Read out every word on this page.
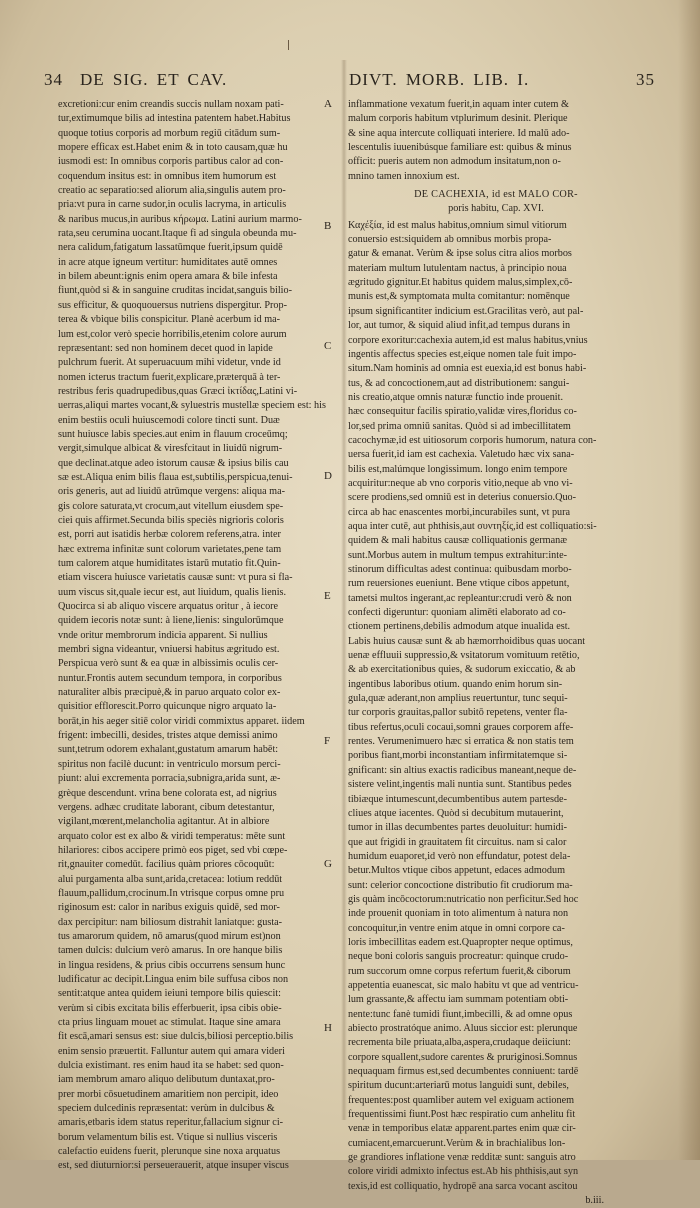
34 DE SIG. ET CAV.	DIVT. MORB. LIB. I.	35
excretioni:cur enim creandis succis nullam noxam pati-
tur,extimumque bilis ad intestina patentem habet.Habitus
quoque totius corporis ad morbum regiū citādum sum-
mopere efficax est.Habet enim & in toto causam,quæ hu
iusmodi est: In omnibus corporis partibus calor ad con-
coquendum insitus est: in omnibus item humorum est
creatio ac separatio:sed aliorum alia,singulis autem pro-
pria:vt pura in carne sudor,in oculis lacryma, in articulis
& naribus mucus,in auribus κήρωμα. Latini aurium marmo-
rata,seu cerumina uocant.Itaque fi ad singula obeunda mu-
nera calidum,fatigatum lassatūmque fuerit,ipsum quidē
in acre atque igneum vertitur: humiditates autē omnes
in bilem abeunt:ignis enim opera amara & bile infesta
fiunt,quòd si & in sanguine cruditas incidat,sanguis bilio-
sus efficitur, & quoquouersus nutriens dispergitur. Prop-
terea & vbique bilis conspicitur. Planè acerbum id ma-
lum est,color verò specie horribilis,etenim colore aurum
repræsentant: sed non hominem decet quod in lapide
pulchrum fuerit. At superuacuum mihi videtur, vnde id
nomen icterus tractum fuerit,explicare,præterquā à ter-
restribus feris quadrupedibus,quas Græci ἰκτίδας,Latini vi-
uerras,aliqui martes vocant,& syluestris mustellæ speciem est: his
enim bestiis oculi huiuscemodi colore tincti sunt. Duæ
sunt huiusce labis species.aut enim in flauum croceūmq;
vergit,simulque albicat & viresfcitaut in liuidū nigrum-
que declinat.atque adeo istorum causæ & ipsius bilis cau
sæ est.Aliqua enim bilis flaua est,subtilis,perspicua,tenui-
oris generis, aut ad liuidū atrūmque vergens: aliqua ma-
gis colore saturata,vt crocum,aut vitellum eiusdem spe-
ciei quis affirmet.Secunda bilis speciès nigrioris coloris
est, porri aut isatidis herbæ colorem referens,atra. inter
hæc extrema infinitæ sunt colorum varietates,pene tam
tum calorem atque humiditates istarū mutatio fit.Quin-
etiam viscera huiusce varietatis causæ sunt: vt pura si fla-
uum viscus sit,quale iecur est, aut liuidum, qualis lienis.
Quocirca si ab aliquo viscere arquatus oritur , à iecore
quidem iecoris notæ sunt: à liene,lienis: singulorūmque
vnde oritur membrorum indicia apparent. Si nullius
membri signa videantur, vniuersi habitus ægritudo est.
Perspicua verò sunt & ea quæ in albissimis oculis cer-
nuntur.Frontis autem secundum tempora, in corporibus
naturaliter albis præcipuè,& in paruo arquato color ex-
quisitior efflorescit.Porro quicunque nigro arquato la-
borāt,in his aeger sitiē color viridi commixtus apparet. iidem
frigent: imbecilli, desides, tristes atque demissi animo
sunt,tetrum odorem exhalant,gustatum amarum habēt:
spiritus non facilè ducunt: in ventriculo morsum perci-
piunt: alui excrementa porracia,subnigra,arida sunt, æ-
grèque descendunt. vrina bene colorata est, ad nigrius
vergens. adhæc cruditate laborant, cibum detestantur,
vigilant,mœrent,melancholia agitantur. At in albiore
arquato color est ex albo & viridi temperatus: mēte sunt
hilariores: cibos accipere primò eos piget, sed vbi cœpe-
rit,gnauiter comedūt. facilius quàm priores cōcoquūt:
alui purgamenta alba sunt,arida,cretacea: lotium reddūt
flauum,pallidum,crocinum.In vtrisque corpus omne pru
riginosum est: calor in naribus exiguis quidē, sed mor-
dax percipitur: nam biliosum distrahit laniatque: gusta-
tus amarorum quidem, nō amarus(quod mirum est)non
tamen dulcis: dulcium verò amarus. In ore hanque bilis
in lingua residens, & prius cibis occurrens sensum hunc
ludificatur ac decipit.Lingua enim bile suffusa cibos non
sentit:atque antea quidem ieiuni tempore bilis quiescit:
verùm si cibis excitata bilis efferbuerit, ipsa cibis obie-
cta prius linguam mouet ac stimulat. Itaque sine amara
fit escā,amari sensus est: siue dulcis,biliosi perceptio.bilis
enim sensio præuertit. Falluntur autem qui amara videri
dulcia existimant. res enim haud ita se habet: sed quon-
iam membrum amaro aliquo delibutum duntaxat,pro-
prer morbi cōsuetudinem amaritiem non percipit, ideo
speciem dulcedinis repræsentat: verùm in dulcibus &
amaris,etbaris idem status reperitur,fallacium signur ci-
borum velamentum bilis est. Vtique si nullius visceris
calefactio euidens fuerit, plerunque sine noxa arquatus
est, sed diuturnior:si perseuerauerit, atque insuper viscus
inflammatione vexatum fuerit,in aquam inter cutem &
malum corporis habitum vtplurimum desinit. Plerique
& sine aqua intercute colliquati interiere. Id malū ado-
lescentulis iuuenibúsque familiare est: quibus & minus
officit: pueris autem non admodum insitatum,non o-
mnino tamen innoxium est.
DE CACHEXIA, id est MALO COR-
poris habitu, Cap. XVI.
Καχέξία, id est malus habitus,omnium simul vitiorum
conuersio est:siquidem ab omnibus morbis propa-
gatur & emanat. Verùm & ipse solus citra alios morbos
materiam multum lutulentam nactus, à principio noua
ægritudo gignitur.Et habitus quidem malus,simplex,cō-
munis est,& symptomata multa comitantur: nomēnque
ipsum significantiter indicium est.Gracilitas verò, aut pal-
lor, aut tumor, & siquid aliud infit,ad tempus durans in
corpore exoritur:cachexia autem,id est malus habitus,vnius
ingentis affectus species est,eique nomen tale fuit impo-
situm.Nam hominis ad omnia est euexia,id est bonus habi-
tus, & ad concoctionem,aut ad distributionem: sangui-
nis creatio,atque omnis naturæ functio inde prouenit.
hæc consequitur facilis spiratio,validæ vires,floridus co-
lor,sed prima omniū sanitas. Quòd si ad imbecillitatem
cacochymæ,id est uitiosorum corporis humorum, natura con-
uersa fuerit,id iam est cachexia. Valetudo hæc vix sana-
bilis est,malúmque longissimum. longo enim tempore
acquiritur:neque ab vno corporis vitio,neque ab vno vi-
scere prodiens,sed omniū est in deterius conuersio.Quo-
circa ab hac enascentes morbi,incurabiles sunt, vt pura
aqua inter cutē, aut phthisis,aut συντηξίς,id est colliquatio:si-
quidem & mali habitus causæ colliquationis germanæ
sunt.Morbus autem in multum tempus extrahitur:inte-
stinorum difficultas adest continua: quibusdam morbo-
rum reuersiones eueniunt. Bene vtique cibos appetunt,
tametsi multos ingerant,ac repleantur:crudi verò & non
confecti digeruntur: quoniam alimēti elaborato ad co-
ctionem pertinens,debilis admodum atque inualida est.
Labis huius causæ sunt & ab hæmorrhoidibus quas uocant
uenæ effluuii suppressio,& vsitatorum vomituum retētio,
& ab exercitationibus quies, & sudorum exiccatio, & ab
ingentibus laboribus otium. quando enim horum sin-
gula,quæ aderant,non amplius reuertuntur, tunc sequi-
tur corporis grauitas,pallor subitō repetens, venter fla-
tibus refertus,oculi cocaui,somni graues corporem affe-
rentes. Verumenimuero hæc si erratica & non statis tem
poribus fiant,morbi inconstantiam infirmitatemque si-
gnificant: sin altius exactis radicibus maneant,neque de-
sistere velint,ingentis mali nuntia sunt. Stantibus pedes
tibiæque intumescunt,decumbentibus autem partesde-
cliues atque iacentes. Quòd si decubitum mutauerint,
tumor in illas decumbentes partes deuoluitur: humidi-
que aut frigidi in grauitatem fit circuitus. nam si calor
humidum euaporet,id verò non effundatur, potest dela-
betur.Multos vtique cibos appetunt, edaces admodum
sunt: celerior concoctione distributio fit crudiorum ma-
gis quàm incōcoctorum:nutricatio non perficitur.Sed hoc
inde prouenit quoniam in toto alimentum à natura non
concoquitur,in ventre enim atque in omni corpore ca-
loris imbecillitas eadem est.Quapropter neque optimus,
neque boni coloris sanguis procreatur: quinque crudo-
rum succorum omne corpus refertum fuerit,& ciborum
appetentia euanescat, sic malo habitu vt que ad ventricu-
lum grassante,& affectu iam summam potentiam obti-
nente:tunc fanè tumidi fiunt,imbecilli, & ad omne opus
abiecto prostratóque animo. Aluus siccior est: plerunque
recrementa bile priuata,alba,aspera,crudaque deiiciunt:
corpore squallent,sudore carentes & pruriginosi.Somnus
nequaquam firmus est,sed decumbentes conniuent: tardē
spiritum ducunt:arteriarū motus languidi sunt, debiles,
frequentes:post quamliber autem vel exiguam actionem
frequentissimi fiunt.Post hæc respiratio cum anhelitu fit
venæ in temporibus elatæ apparent.partes enim quæ cir-
cumiacent,emarcuerunt.Verùm & in brachialibus lon-
ge grandiores inflatione venæ redditæ sunt: sanguis atro
colore viridi admixto infectus est.Ab his phthisis,aut syn
texis,id est colliquatio, hydropē ana sarca vocant ascitou
b.iii.
A
B
C
D
E
F
G
H
